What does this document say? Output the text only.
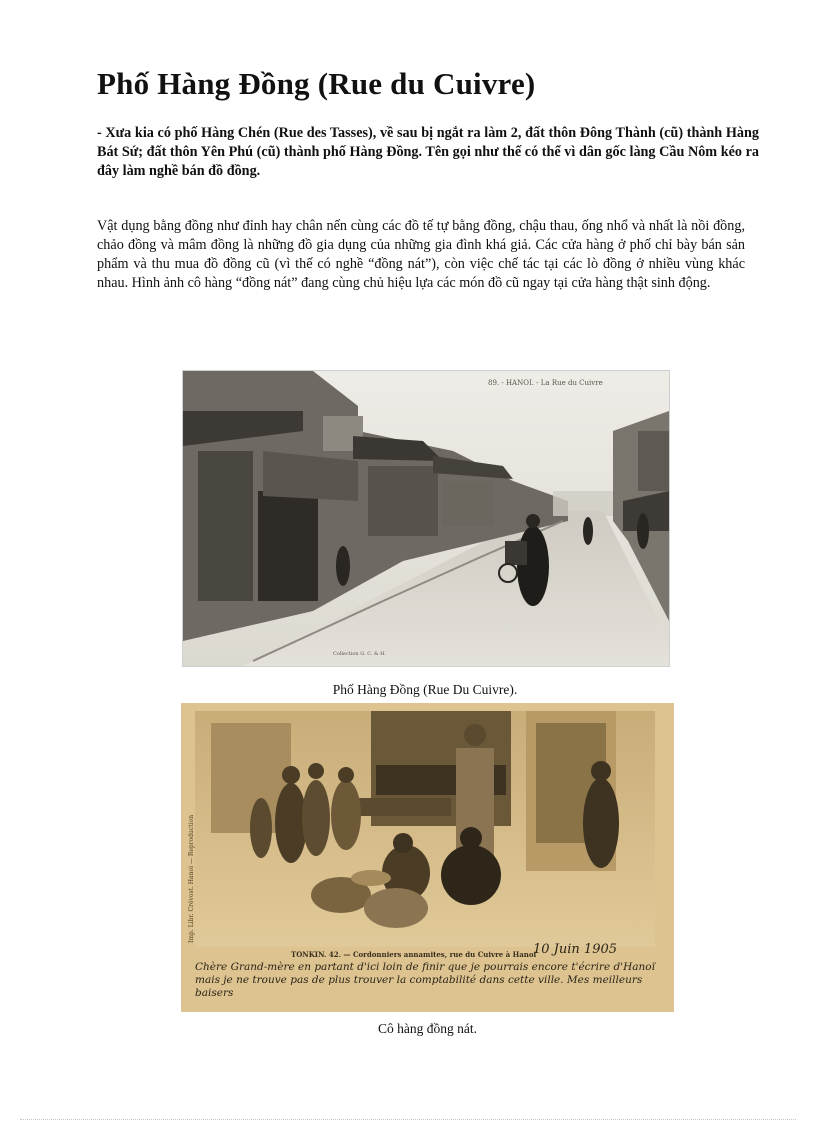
Phố Hàng Đồng (Rue du Cuivre)

- Xưa kia có phố Hàng Chén (Rue des Tasses), về sau bị ngắt ra làm 2, đất thôn Đông Thành (cũ) thành Hàng Bát Sứ; đất thôn Yên Phú (cũ) thành phố Hàng Đồng. Tên gọi như thế có thể vì dân gốc làng Cầu Nôm kéo ra đây làm nghề bán đồ đồng.

Vật dụng bằng đồng như đỉnh hay chân nến cùng các đồ tế tự bằng đồng, chậu thau, ống nhổ và nhất là nồi đồng, chảo đồng và mâm đồng là những đồ gia dụng của những gia đình khá giả. Các cửa hàng ở phố chỉ bày bán sản phẩm và thu mua đồ đồng cũ (vì thế có nghề “đồng nát”), còn việc chế tác tại các lò đồng ở nhiều vùng khác nhau. Hình ảnh cô hàng “đồng nát” đang cùng chủ hiệu lựa các món đồ cũ ngay tại cửa hàng thật sinh động.

89. - HANOI. - La Rue du Cuivre
Collection G. C. & H.

Phố Hàng Đồng (Rue Du Cuivre).

TONKIN. 42. — Cordonniers annamites, rue du Cuivre à Hanoi
Imp. Libr. Crévost. Hanoi — Reproduction
10 Juin 1905
Chère Grand-mère en partant d'ici loin de finir que je pourrais encore t'écrire d'Hanoï mais je ne trouve pas de plus trouver la comptabilité dans cette ville. Mes meilleurs baisers

Cô hàng đồng nát.
